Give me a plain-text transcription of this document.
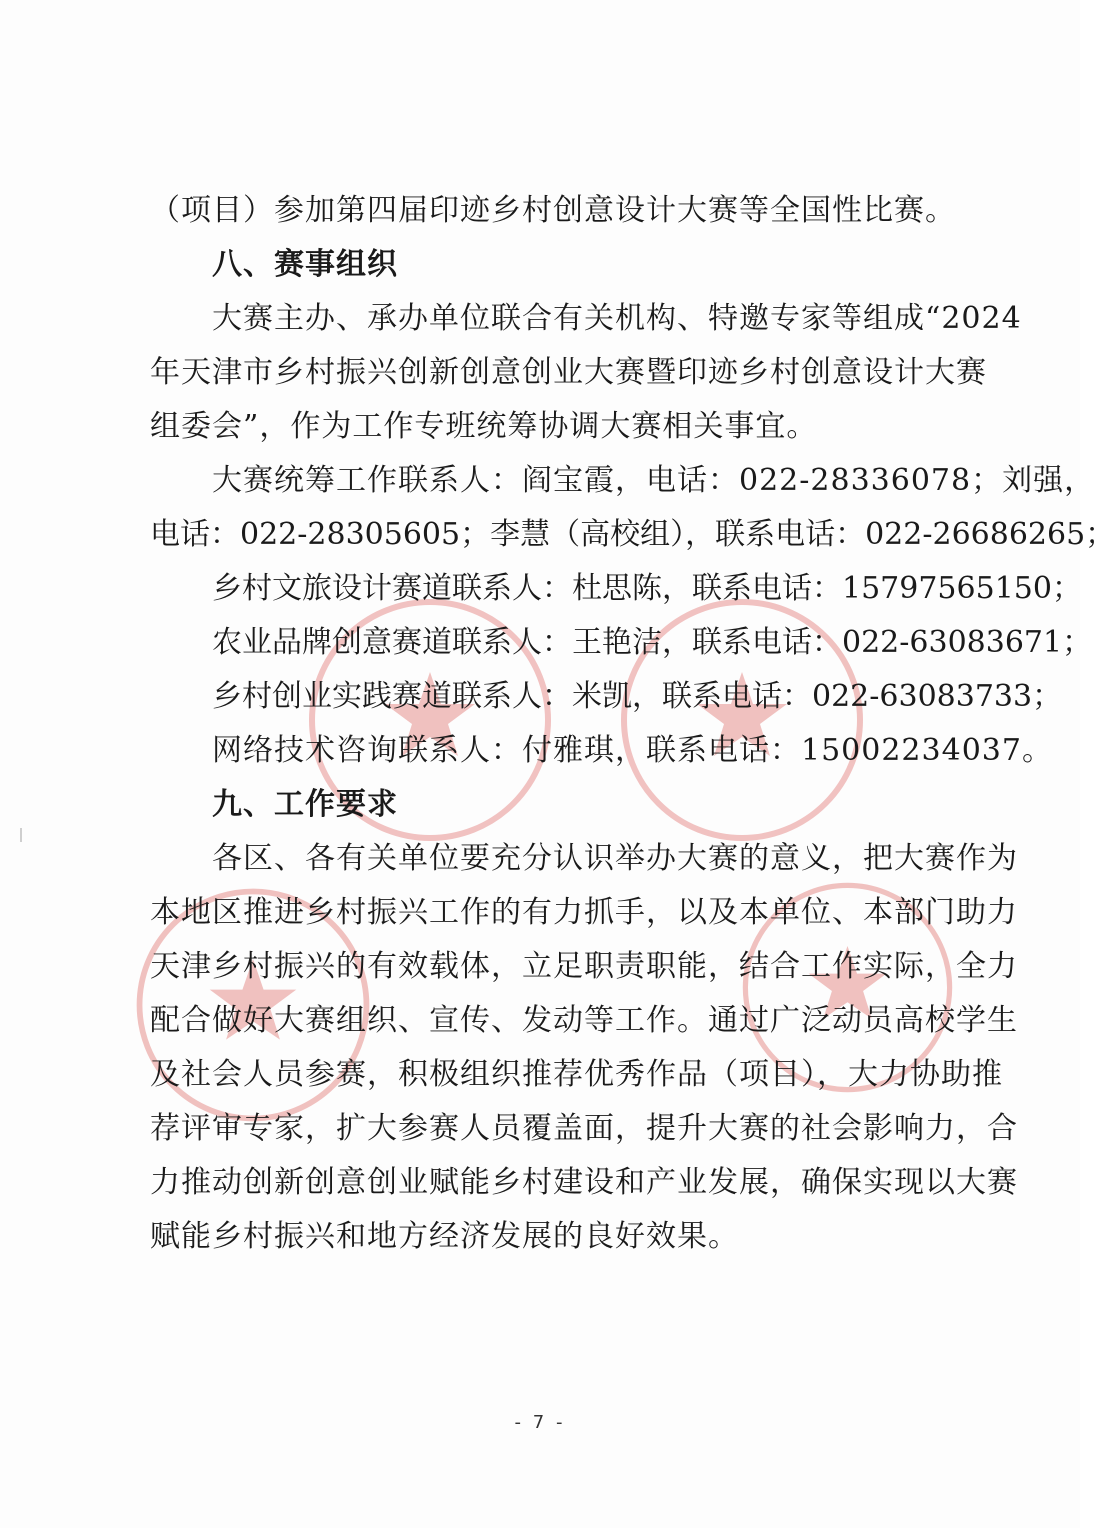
（项目）参加第四届印迹乡村创意设计大赛等全国性比赛。
八、赛事组织
大赛主办、承办单位联合有关机构、特邀专家等组成“2024
年天津市乡村振兴创新创意创业大赛暨印迹乡村创意设计大赛
组委会”，作为工作专班统筹协调大赛相关事宜。
大赛统筹工作联系人：阎宝霞，电话：022-28336078；刘强，
电话：022-28305605；李慧（高校组），联系电话：022-26686265；
乡村文旅设计赛道联系人：杜思陈，联系电话：15797565150；
农业品牌创意赛道联系人：王艳洁，联系电话：022-63083671；
乡村创业实践赛道联系人：米凯，联系电话：022-63083733；
网络技术咨询联系人：付雅琪，联系电话：15002234037。
九、工作要求
各区、各有关单位要充分认识举办大赛的意义，把大赛作为
本地区推进乡村振兴工作的有力抓手，以及本单位、本部门助力
天津乡村振兴的有效载体，立足职责职能，结合工作实际，全力
配合做好大赛组织、宣传、发动等工作。通过广泛动员高校学生
及社会人员参赛，积极组织推荐优秀作品（项目），大力协助推
荐评审专家，扩大参赛人员覆盖面，提升大赛的社会影响力，合
力推动创新创意创业赋能乡村建设和产业发展，确保实现以大赛
赋能乡村振兴和地方经济发展的良好效果。
- 7 -
